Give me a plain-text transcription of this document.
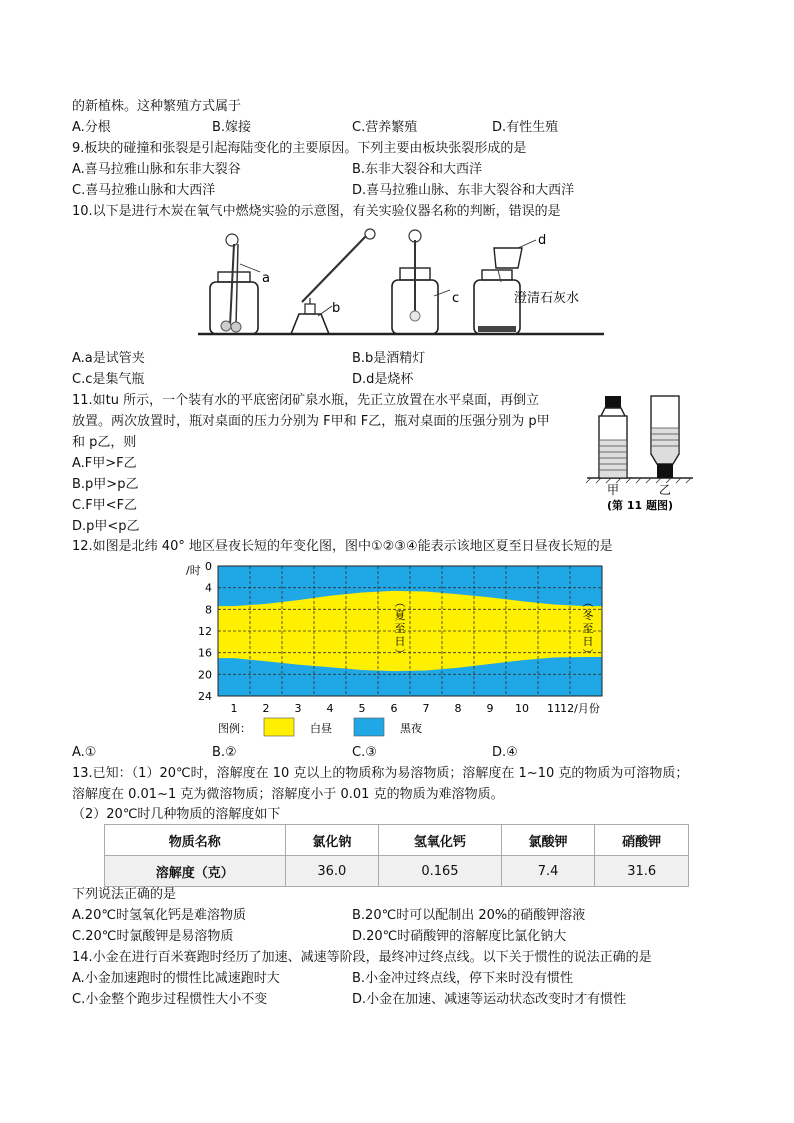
的新植株。这种繁殖方式属于
A.分根	B.嫁接	C.营养繁殖	D.有性生殖
9.板块的碰撞和张裂是引起海陆变化的主要原因。下列主要由板块张裂形成的是
A.喜马拉雅山脉和东非大裂谷	B.东非大裂谷和大西洋
C.喜马拉雅山脉和大西洋	D.喜马拉雅山脉、东非大裂谷和大西洋
10.以下是进行木炭在氧气中燃烧实验的示意图，有关实验仪器名称的判断，错误的是
a
b
c
d
澄清石灰水
A.a是试管夹	B.b是酒精灯
C.c是集气瓶	D.d是烧杯
11.如tu 所示，一个装有水的平底密闭矿泉水瓶，先正立放置在水平桌面，再倒立
放置。两次放置时，瓶对桌面的压力分别为 F甲和 F乙，瓶对桌面的压强分别为 p甲
和 p乙，则
A.F甲>F乙
B.p甲>p乙
C.F甲<F乙
D.p甲<p乙
甲	乙
(第 11 题图)
12.如图是北纬 40° 地区昼夜长短的年变化图，图中①②③④能表示该地区夏至日昼夜长短的是
0
4
8
12
16
20
24
/时
1 2 3 4 5 6 7 8 9 10 11 12/月份
︵夏至日︶
︵冬至日︶
图例：	白昼	黑夜
A.①	B.②	C.③	D.④
13.已知：（1）20℃时，溶解度在 10 克以上的物质称为易溶物质；溶解度在 1~10 克的物质为可溶物质；
溶解度在 0.01~1 克为微溶物质；溶解度小于 0.01 克的物质为难溶物质。
（2）20℃时几种物质的溶解度如下
物质名称	氯化钠	氢氧化钙	氯酸钾	硝酸钾
溶解度（克）	36.0	0.165	7.4	31.6
下列说法正确的是
A.20℃时氢氧化钙是难溶物质	B.20℃时可以配制出 20%的硝酸钾溶液
C.20℃时氯酸钾是易溶物质	D.20℃时硝酸钾的溶解度比氯化钠大
14.小金在进行百米赛跑时经历了加速、减速等阶段，最终冲过终点线。以下关于惯性的说法正确的是
A.小金加速跑时的惯性比减速跑时大	B.小金冲过终点线，停下来时没有惯性
C.小金整个跑步过程惯性大小不变	D.小金在加速、减速等运动状态改变时才有惯性
